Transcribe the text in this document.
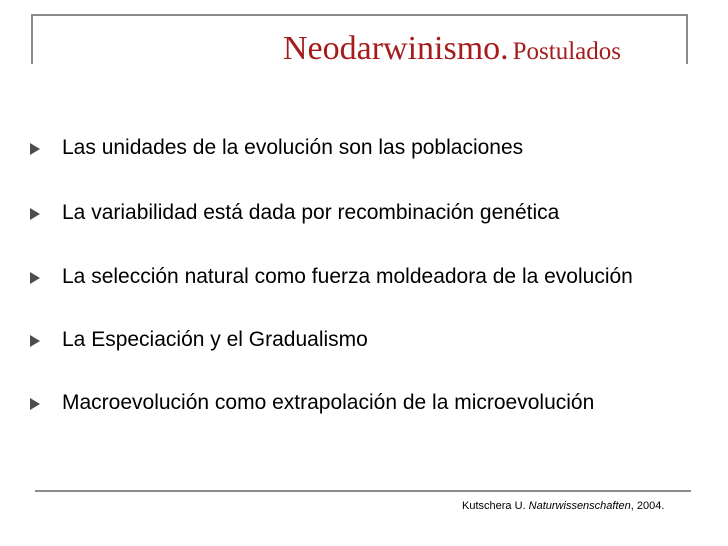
Neodarwinismo. Postulados
Las unidades de la evolución son las poblaciones
La variabilidad está dada por recombinación genética
La selección natural como fuerza moldeadora de la evolución
La Especiación y el Gradualismo
Macroevolución como extrapolación de la microevolución
Kutschera U. Naturwissenschaften, 2004.
